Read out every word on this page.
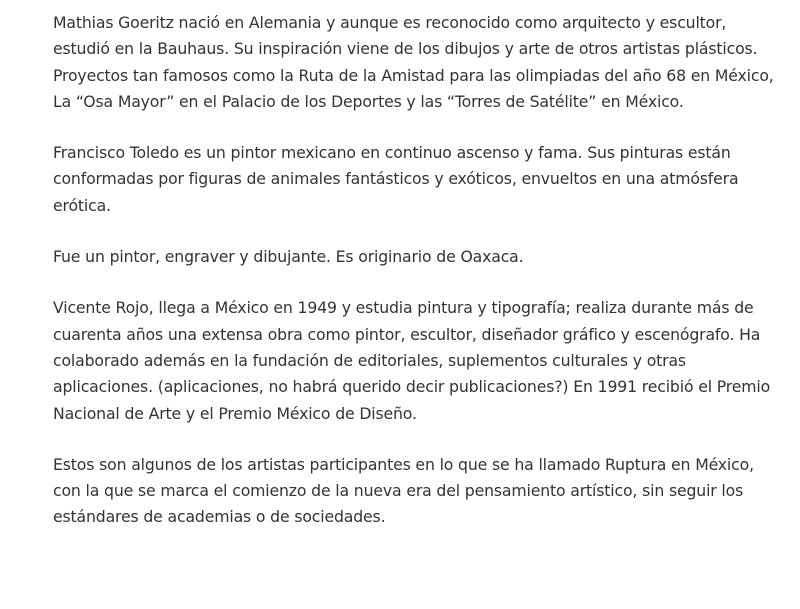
Mathias Goeritz nació en Alemania y aunque es reconocido como arquitecto y escultor, estudió en la Bauhaus. Su inspiración viene de los dibujos y arte de otros artistas plásticos. Proyectos tan famosos como la Ruta de la Amistad para las olimpiadas del año 68 en México, La “Osa Mayor” en el Palacio de los Deportes y las “Torres de Satélite” en México.

Francisco Toledo es un pintor mexicano en continuo ascenso y fama. Sus pinturas están conformadas por figuras de animales fantásticos y exóticos, envueltos en una atmósfera erótica.

Fue un pintor, engraver y dibujante. Es originario de Oaxaca.

Vicente Rojo, llega a México en 1949 y estudia pintura y tipografía; realiza durante más de cuarenta años una extensa obra como pintor, escultor, diseñador gráfico y escenógrafo. Ha colaborado además en la fundación de editoriales, suplementos culturales y otras aplicaciones. (aplicaciones, no habrá querido decir publicaciones?) En 1991 recibió el Premio Nacional de Arte y el Premio México de Diseño.

Estos son algunos de los artistas participantes en lo que se ha llamado Ruptura en México, con la que se marca el comienzo de la nueva era del pensamiento artístico, sin seguir los estándares de academias o de sociedades.
